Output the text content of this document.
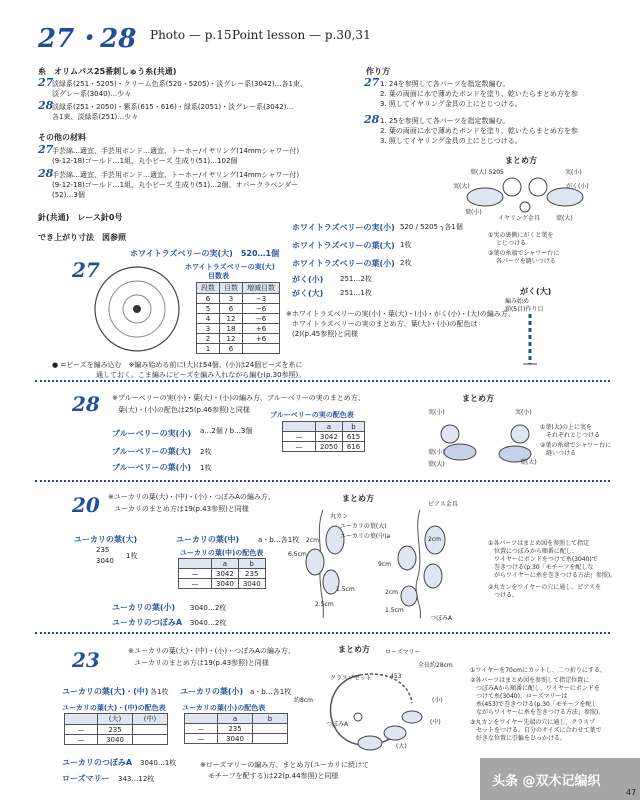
27・28 Photo — p.15 Point lesson — p.30,31
糸　オリムパス25番刺しゅう糸(共通)
27
淡緑系(251・5205)・クリーム色系(520・5205)・淡グレー系(3042)…各1束、
淡グレー系(3040)…少々
28
淡緑系(251・2050)・紫系(615・616)・緑系(2051)・淡グレー系(3042)…
各1束、淡緑系(251)…少々
その他の材料
27
手芸綿…適宜、手芸用ボンド…適宜、トーホー/イヤリング(14mmシャワー付)
(9-12-18)ゴールド…1組、丸小ビーズ 生成り(51)…102個
28
手芸綿…適宜、手芸用ボンド…適宜、トーホー/イヤリング(14mmシャワー付)
(9-12-18)ゴールド…1組、丸小ビーズ 生成り(51)…2個、オパークラベンダー
(52)…3個
針(共通)　レース針0号
でき上がり寸法　図参照
作り方
27 1. 24を参照して各パーツを指定数編む。
2. 葉の両面に水で薄めたボンドを塗り、乾いたらまとめ方を参
3. 照してイヤリング金具の上にとじつける。
28 1. 25を参照して各パーツを指定数編む。
2. 葉の両面に水で薄めたボンドを塗り、乾いたらまとめ方を参
3. 照してイヤリング金具の上にとじつける。
まとめ方
葉(大) 5205	実(小)
がく(小)
実(大)
葉(小)
イヤリング金具	葉(大)
①実の裏側にがくと葉を
とじつける
②葉の糸端でシャワー台に
各パーツを縫いつける
がく(大)
編み始め
鎖(5目)作り目
27
ホワイトラズベリーの実(大)　520…1個
ホワイトラズベリーの実(大)
目数表
段数	目数	増減目数
6	3	−3
5	6	−6
4	12	−6
3	18	+6
2	12	+6
1	6	
ホワイトラズベリーの実(小) 520 / 5205 ┐各1個
ホワイトラズベリーの葉(大) 1枚
ホワイトラズベリーの葉(小) 2枚
がく(小) 251…2枚
がく(大) 251…1枚
※ホワイトラズベリーの実(小)・葉(大)・(小)・がく(小)・(大)の編み方、
ホワイトラズベリーの実のまとめ方、葉(大)・(小)の配色は
(2)(p.45参照)と同様
● =ビーズを編み込む　※編み始める前に(大)は54個、(小)は24個ビーズを糸に
通しておく。こま編みにビーズを編み入れながら編む(p.30参照)。
28 ※ブルーベリーの実(小)・葉(大)・(小)の編み方、ブルーベリーの実のまとめ方、
葉(大)・(小)の配色は25(p.46参照)と同様
ブルーベリーの実(小) a…2個 / b…3個
ブルーベリーの葉(大) 2枚
ブルーベリーの葉(小) 1枚
ブルーベリーの実の配色表
	a	b
—	3042	615
—	2050	616
まとめ方
実(小)	実(小)
葉(小)
葉(大)	葉(大)
①葉(大)の上に実を
それぞれとじつける
②葉の糸端でシャワー台に
縫いつける
20 ※ユーカリの葉(大)・(中)・(小)・つぼみAの編み方、
ユーカリのまとめ方は19(p.43参照)と同様
ユーカリの葉(大)
235
3040
1枚
ユーカリの葉(中)	a・b…各1枚
ユーカリの葉(中)の配色表
	a	b
—	3042	235
—	3040	3040
ユーカリの葉(小) 3040…2枚
ユーカリのつぼみA 3040…2枚
まとめ方
丸カン
ユーカリの葉(大)
ユーカリの葉(中)a
ピアス金具
6.5cm
2cm
1.5cm
2.5cm
9cm
2cm
1.5cm
2cm
つぼみA
①各パーツはまとめ図を参照して指定
位置につぼみから順番に配し、
ワイヤーにボンドをつけて糸(3040)で
巻きつける(p.30「モチーフを配しな
がらワイヤーに糸を巻きつける方法」参照)。
②丸カンをワイヤーの穴に通し、ピアスを
つける。
23	※ユーカリの葉(大)・(中)・(小)・つぼみAの編み方、
ユーカリのまとめ方は19(p.43参照)と同様
ユーカリの葉(大)・(中) 各1枚 ユーカリの葉(小) a・b…各1枚
ユーカリの葉(大)・(中)の配色表
	(大)	(中)
—	235	
—	3040	
ユーカリの葉(小)の配色表
	a	b
—	235	
—	3040	
ユーカリのつぼみA 3040…1枚
ローズマリー 343…12枚
※ローズマリーの編み方、まとめ方(ユーカリに続けて
モチーフを配する)は22(p.44参照)と同様
まとめ方	ローズマリー
全長約28cm
453
クラスプセット
約8cm
つぼみA
(小)
(大)
(中)
①ワイヤーを70cmにカットし、二つ折りにする。
②各パーツはまとめ図を参照して指定位置に
つぼみAから順番に配し、ワイヤーにボンドを
つけて糸(3040)、ローズマリーは
糸(453)で巻きつける(p.30「モチーフを配し
ながらワイヤーに糸を巻きつける方法」参照)。
③丸カンをワイヤー先端の穴に通し、クラスプ
セットをつける。自分のサイズに合わせて葉で
好きな位置に引輪をひっかける。
头条 @双木记编织
47
